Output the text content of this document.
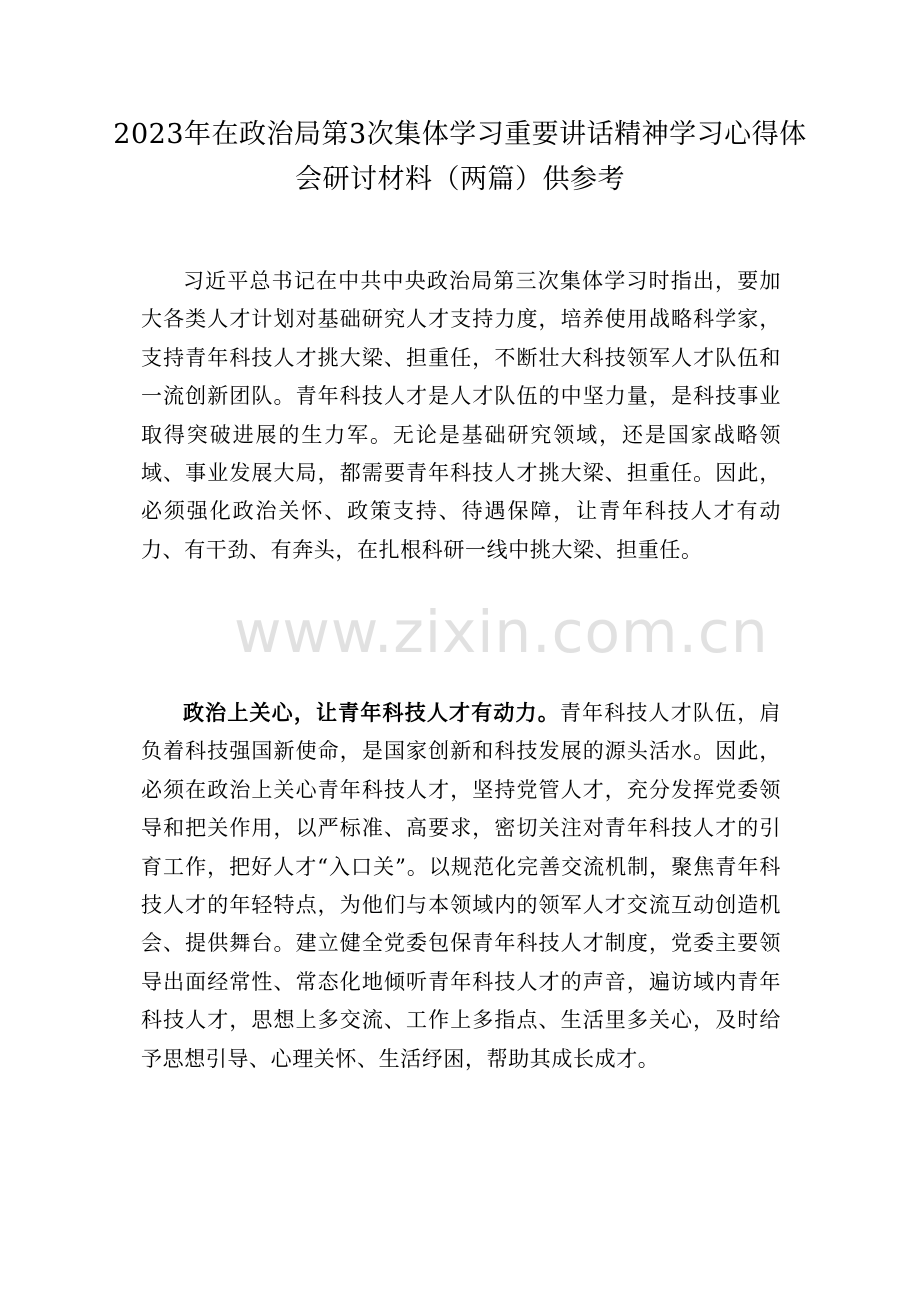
2023年在政治局第3次集体学习重要讲话精神学习心得体会研讨材料（两篇）供参考

习近平总书记在中共中央政治局第三次集体学习时指出，要加大各类人才计划对基础研究人才支持力度，培养使用战略科学家，支持青年科技人才挑大梁、担重任，不断壮大科技领军人才队伍和一流创新团队。青年科技人才是人才队伍的中坚力量，是科技事业取得突破进展的生力军。无论是基础研究领域，还是国家战略领域、事业发展大局，都需要青年科技人才挑大梁、担重任。因此，必须强化政治关怀、政策支持、待遇保障，让青年科技人才有动力、有干劲、有奔头，在扎根科研一线中挑大梁、担重任。

政治上关心，让青年科技人才有动力。青年科技人才队伍，肩负着科技强国新使命，是国家创新和科技发展的源头活水。因此，必须在政治上关心青年科技人才，坚持党管人才，充分发挥党委领导和把关作用，以严标准、高要求，密切关注对青年科技人才的引育工作，把好人才“入口关”。以规范化完善交流机制，聚焦青年科技人才的年轻特点，为他们与本领域内的领军人才交流互动创造机会、提供舞台。建立健全党委包保青年科技人才制度，党委主要领导出面经常性、常态化地倾听青年科技人才的声音，遍访域内青年科技人才，思想上多交流、工作上多指点、生活里多关心，及时给予思想引导、心理关怀、生活纾困，帮助其成长成才。

www.zixin.com.cn
